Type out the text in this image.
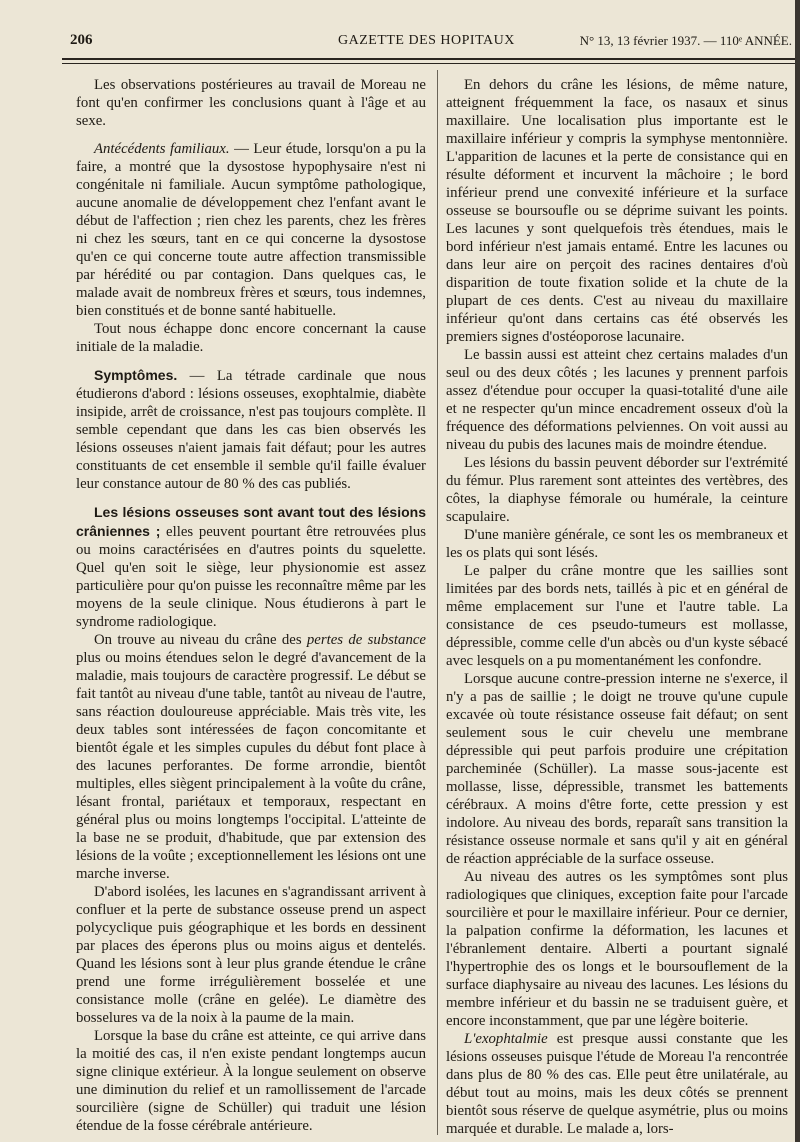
206	GAZETTE DES HOPITAUX	N° 13, 13 février 1937. — 110ᵉ ANNÉE.

Les observations postérieures au travail de Moreau ne font qu'en confirmer les conclusions quant à l'âge et au sexe.

Antécédents familiaux. — Leur étude, lorsqu'on a pu la faire, a montré que la dysostose hypophysaire n'est ni congénitale ni familiale. Aucun symptôme pathologique, aucune anomalie de développement chez l'enfant avant le début de l'affection ; rien chez les parents, chez les frères ni chez les sœurs, tant en ce qui concerne la dysostose qu'en ce qui concerne toute autre affection transmissible par hérédité ou par contagion. Dans quelques cas, le malade avait de nombreux frères et sœurs, tous indemnes, bien constitués et de bonne santé habituelle.

Tout nous échappe donc encore concernant la cause initiale de la maladie.

Symptômes. — La tétrade cardinale que nous étudierons d'abord : lésions osseuses, exophtalmie, diabète insipide, arrêt de croissance, n'est pas toujours complète. Il semble cependant que dans les cas bien observés les lésions osseuses n'aient jamais fait défaut; pour les autres constituants de cet ensemble il semble qu'il faille évaluer leur constance autour de 80 % des cas publiés.

Les lésions osseuses sont avant tout des lésions crâniennes ; elles peuvent pourtant être retrouvées plus ou moins caractérisées en d'autres points du squelette. Quel qu'en soit le siège, leur physionomie est assez particulière pour qu'on puisse les reconnaître même par les moyens de la seule clinique. Nous étudierons à part le syndrome radiologique.

On trouve au niveau du crâne des pertes de substance plus ou moins étendues selon le degré d'avancement de la maladie, mais toujours de caractère progressif. Le début se fait tantôt au niveau d'une table, tantôt au niveau de l'autre, sans réaction douloureuse appréciable. Mais très vite, les deux tables sont intéressées de façon concomitante et bientôt égale et les simples cupules du début font place à des lacunes perforantes. De forme arrondie, bientôt multiples, elles siègent principalement à la voûte du crâne, lésant frontal, pariétaux et temporaux, respectant en général plus ou moins longtemps l'occipital. L'atteinte de la base ne se produit, d'habitude, que par extension des lésions de la voûte ; exceptionnellement les lésions ont une marche inverse.

D'abord isolées, les lacunes en s'agrandissant arrivent à confluer et la perte de substance osseuse prend un aspect polycyclique puis géographique et les bords en dessinent par places des éperons plus ou moins aigus et dentelés. Quand les lésions sont à leur plus grande étendue le crâne prend une forme irrégulièrement bosselée et une consistance molle (crâne en gelée). Le diamètre des bosselures va de la noix à la paume de la main.

Lorsque la base du crâne est atteinte, ce qui arrive dans la moitié des cas, il n'en existe pendant longtemps aucun signe clinique extérieur. À la longue seulement on observe une diminution du relief et un ramollissement de l'arcade sourcilière (signe de Schüller) qui traduit une lésion étendue de la fosse cérébrale antérieure.

En dehors du crâne les lésions, de même nature, atteignent fréquemment la face, os nasaux et sinus maxillaire. Une localisation plus importante est le maxillaire inférieur y compris la symphyse mentonnière. L'apparition de lacunes et la perte de consistance qui en résulte déforment et incurvent la mâchoire ; le bord inférieur prend une convexité inférieure et la surface osseuse se boursoufle ou se déprime suivant les points. Les lacunes y sont quelquefois très étendues, mais le bord inférieur n'est jamais entamé. Entre les lacunes ou dans leur aire on perçoit des racines dentaires d'où disparition de toute fixation solide et la chute de la plupart de ces dents. C'est au niveau du maxillaire inférieur qu'ont dans certains cas été observés les premiers signes d'ostéoporose lacunaire.

Le bassin aussi est atteint chez certains malades d'un seul ou des deux côtés ; les lacunes y prennent parfois assez d'étendue pour occuper la quasi-totalité d'une aile et ne respecter qu'un mince encadrement osseux d'où la fréquence des déformations pelviennes. On voit aussi au niveau du pubis des lacunes mais de moindre étendue.

Les lésions du bassin peuvent déborder sur l'extrémité du fémur. Plus rarement sont atteintes des vertèbres, des côtes, la diaphyse fémorale ou humérale, la ceinture scapulaire.

D'une manière générale, ce sont les os membraneux et les os plats qui sont lésés.

Le palper du crâne montre que les saillies sont limitées par des bords nets, taillés à pic et en général de même emplacement sur l'une et l'autre table. La consistance de ces pseudo-tumeurs est mollasse, dépressible, comme celle d'un abcès ou d'un kyste sébacé avec lesquels on a pu momentanément les confondre.

Lorsque aucune contre-pression interne ne s'exerce, il n'y a pas de saillie ; le doigt ne trouve qu'une cupule excavée où toute résistance osseuse fait défaut; on sent seulement sous le cuir chevelu une membrane dépressible qui peut parfois produire une crépitation parcheminée (Schüller). La masse sous-jacente est mollasse, lisse, dépressible, transmet les battements cérébraux. A moins d'être forte, cette pression y est indolore. Au niveau des bords, reparaît sans transition la résistance osseuse normale et sans qu'il y ait en général de réaction appréciable de la surface osseuse.

Au niveau des autres os les symptômes sont plus radiologiques que cliniques, exception faite pour l'arcade sourcilière et pour le maxillaire inférieur. Pour ce dernier, la palpation confirme la déformation, les lacunes et l'ébranlement dentaire. Alberti a pourtant signalé l'hypertrophie des os longs et le boursouflement de la surface diaphysaire au niveau des lacunes. Les lésions du membre inférieur et du bassin ne se traduisent guère, et encore inconstamment, que par une légère boiterie.

L'exophtalmie est presque aussi constante que les lésions osseuses puisque l'étude de Moreau l'a rencontrée dans plus de 80 % des cas. Elle peut être unilatérale, au début tout au moins, mais les deux côtés se prennent bientôt sous réserve de quelque asymétrie, plus ou moins marquée et durable. Le malade a, lors-
